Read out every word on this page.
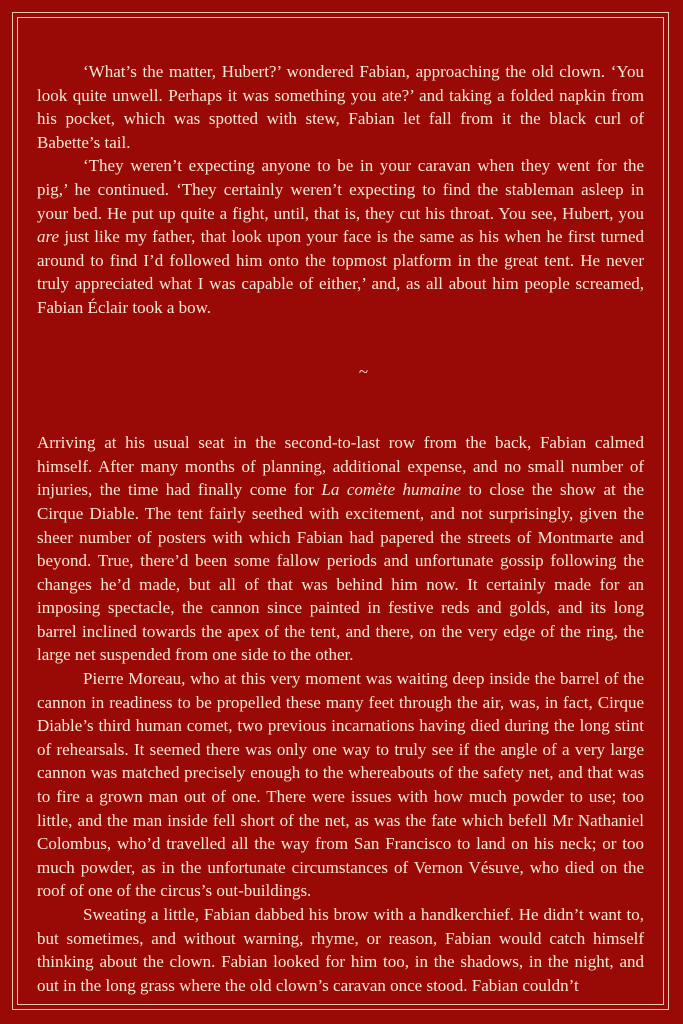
‘What’s the matter, Hubert?’ wondered Fabian, approaching the old clown. ‘You look quite unwell. Perhaps it was something you ate?’ and taking a folded napkin from his pocket, which was spotted with stew, Fabian let fall from it the black curl of Babette’s tail.

‘They weren’t expecting anyone to be in your caravan when they went for the pig,’ he continued. ‘They certainly weren’t expecting to find the stableman asleep in your bed. He put up quite a fight, until, that is, they cut his throat. You see, Hubert, you are just like my father, that look upon your face is the same as his when he first turned around to find I’d followed him onto the topmost platform in the great tent. He never truly appreciated what I was capable of either,’ and, as all about him people screamed, Fabian Éclair took a bow.

~

Arriving at his usual seat in the second-to-last row from the back, Fabian calmed himself. After many months of planning, additional expense, and no small number of injuries, the time had finally come for La comète humaine to close the show at the Cirque Diable. The tent fairly seethed with excitement, and not surprisingly, given the sheer number of posters with which Fabian had papered the streets of Montmarte and beyond. True, there’d been some fallow periods and unfortunate gossip following the changes he’d made, but all of that was behind him now. It certainly made for an imposing spectacle, the cannon since painted in festive reds and golds, and its long barrel inclined towards the apex of the tent, and there, on the very edge of the ring, the large net suspended from one side to the other.

Pierre Moreau, who at this very moment was waiting deep inside the barrel of the cannon in readiness to be propelled these many feet through the air, was, in fact, Cirque Diable’s third human comet, two previous incarnations having died during the long stint of rehearsals. It seemed there was only one way to truly see if the angle of a very large cannon was matched precisely enough to the whereabouts of the safety net, and that was to fire a grown man out of one. There were issues with how much powder to use; too little, and the man inside fell short of the net, as was the fate which befell Mr Nathaniel Colombus, who’d travelled all the way from San Francisco to land on his neck; or too much powder, as in the unfortunate circumstances of Vernon Vésuve, who died on the roof of one of the circus’s out-buildings.

Sweating a little, Fabian dabbed his brow with a handkerchief. He didn’t want to, but sometimes, and without warning, rhyme, or reason, Fabian would catch himself thinking about the clown. Fabian looked for him too, in the shadows, in the night, and out in the long grass where the old clown’s caravan once stood. Fabian couldn’t
